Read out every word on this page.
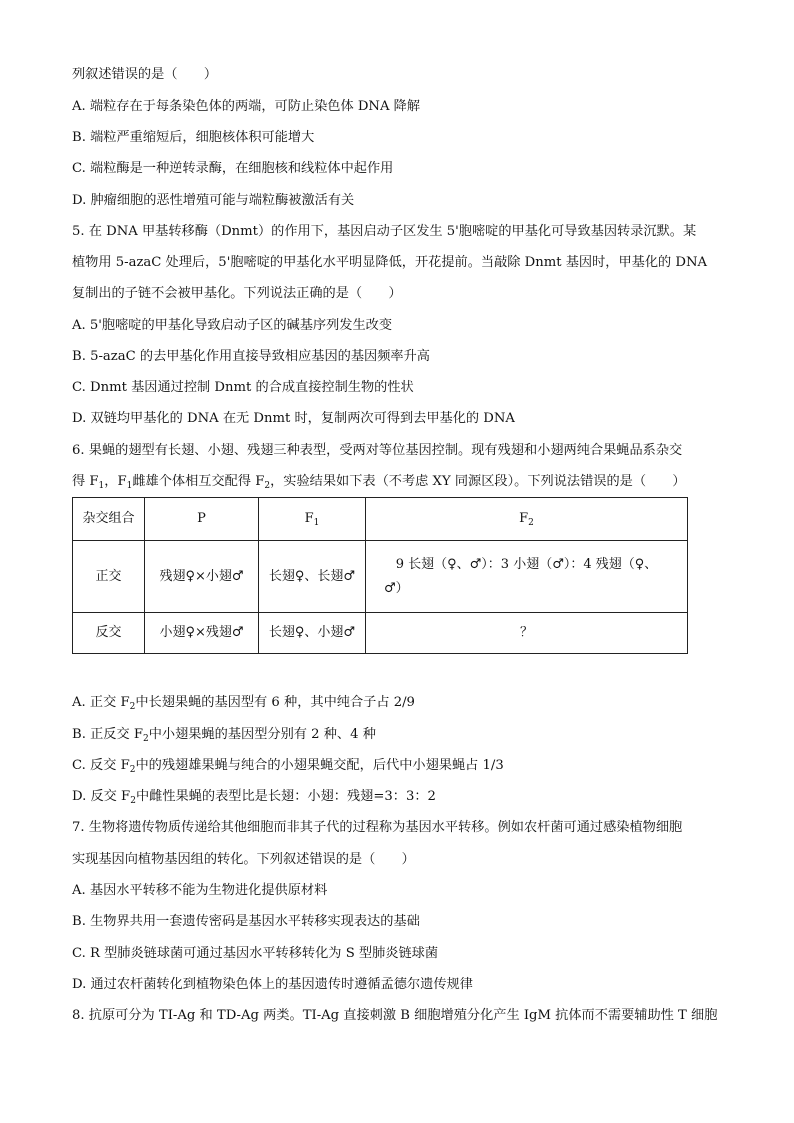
列叙述错误的是（　　）
A. 端粒存在于每条染色体的两端，可防止染色体 DNA 降解
B. 端粒严重缩短后，细胞核体积可能增大
C. 端粒酶是一种逆转录酶，在细胞核和线粒体中起作用
D. 肿瘤细胞的恶性增殖可能与端粒酶被激活有关
5. 在 DNA 甲基转移酶（Dnmt）的作用下，基因启动子区发生 5'胞嘧啶的甲基化可导致基因转录沉默。某
植物用 5-azaC 处理后，5'胞嘧啶的甲基化水平明显降低，开花提前。当敲除 Dnmt 基因时，甲基化的 DNA
复制出的子链不会被甲基化。下列说法正确的是（　　）
A. 5'胞嘧啶的甲基化导致启动子区的碱基序列发生改变
B. 5-azaC 的去甲基化作用直接导致相应基因的基因频率升高
C. Dnmt 基因通过控制 Dnmt 的合成直接控制生物的性状
D. 双链均甲基化的 DNA 在无 Dnmt 时，复制两次可得到去甲基化的 DNA
6. 果蝇的翅型有长翅、小翅、残翅三种表型，受两对等位基因控制。现有残翅和小翅两纯合果蝇品系杂交
得 $F_1$，$F_1$雌雄个体相互交配得 $F_2$，实验结果如下表（不考虑 XY 同源区段）。下列说法错误的是（　　）
杂交组合	P	$F_1$	$F_2$
正交	残翅♀×小翅♂	长翅♀、长翅♂	9 长翅（♀、♂）：3 小翅（♂）：4 残翅（♀、
♂）

反交	小翅♀×残翅♂	长翅♀、小翅♂	？
A. 正交 $F_2$中长翅果蝇的基因型有 6 种，其中纯合子占 2/9
B. 正反交 $F_2$中小翅果蝇的基因型分别有 2 种、4 种
C. 反交 $F_2$中的残翅雄果蝇与纯合的小翅果蝇交配，后代中小翅果蝇占 1/3
D. 反交 $F_2$中雌性果蝇的表型比是长翅：小翅：残翅=3：3：2
7. 生物将遗传物质传递给其他细胞而非其子代的过程称为基因水平转移。例如农杆菌可通过感染植物细胞
实现基因向植物基因组的转化。下列叙述错误的是（　　）
A. 基因水平转移不能为生物进化提供原材料
B. 生物界共用一套遗传密码是基因水平转移实现表达的基础
C. R 型肺炎链球菌可通过基因水平转移转化为 S 型肺炎链球菌
D. 通过农杆菌转化到植物染色体上的基因遗传时遵循孟德尔遗传规律
8. 抗原可分为 TI-Ag 和 TD-Ag 两类。TI-Ag 直接刺激 B 细胞增殖分化产生 IgM 抗体而不需要辅助性 T 细胞
